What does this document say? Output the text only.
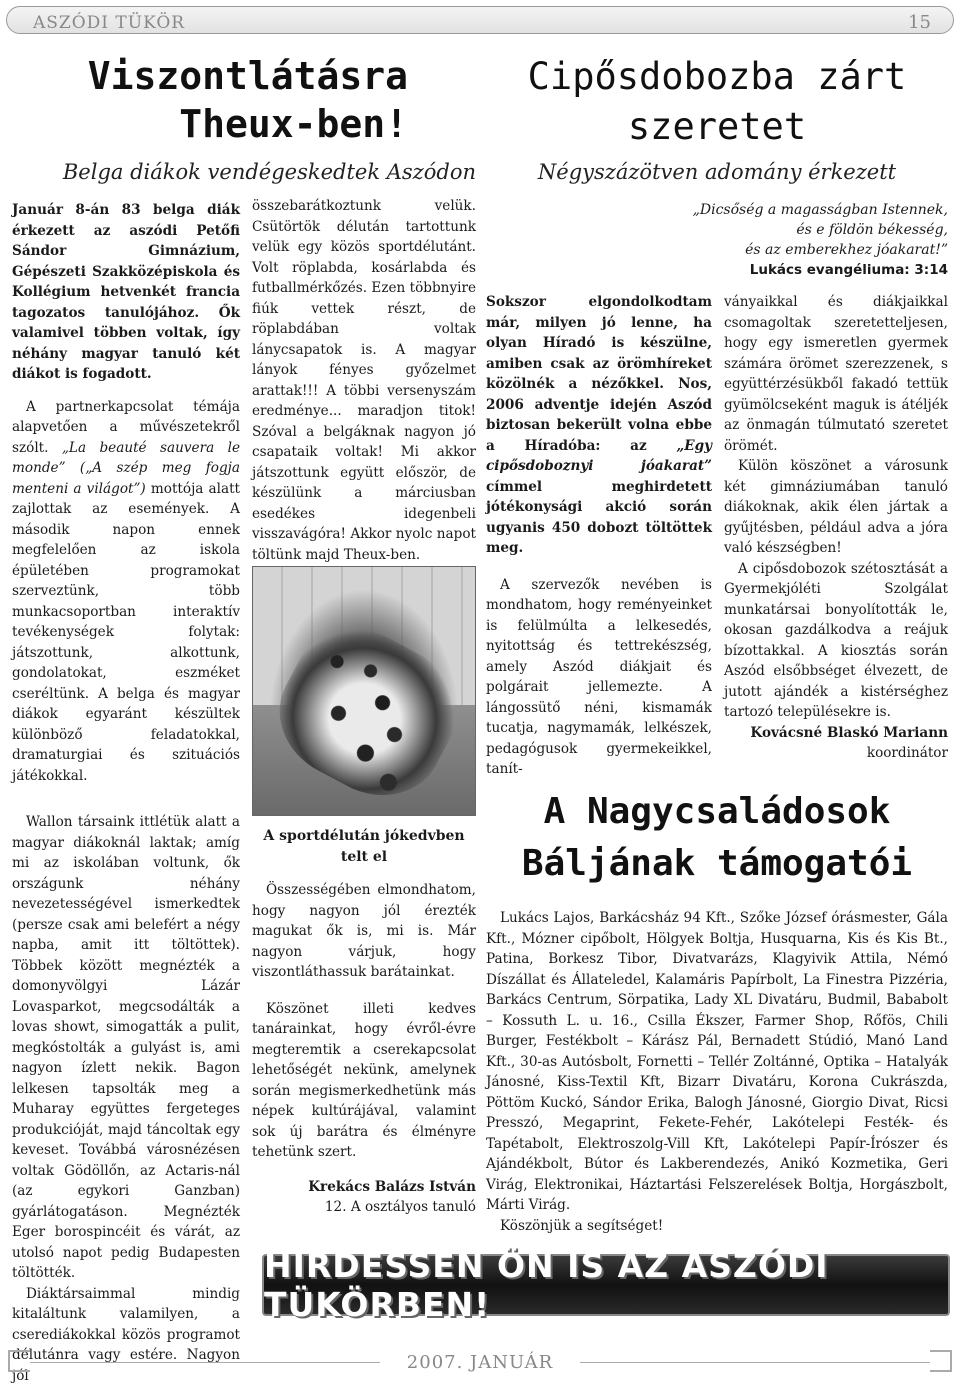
ASZÓDI TÜKÖR	15
Viszontlátásra
Theux-ben!
Belga diákok vendégeskedtek Aszódon

Január 8-án 83 belga diák érkezett az aszódi Petőfi Sándor Gimnázium, Gépészeti Szakközépiskola és Kollégium hetvenkét francia tagozatos tanulójához. Ők valamivel többen voltak, így néhány magyar tanuló két diákot is fogadott.

A partnerkapcsolat témája alapvetően a művészetekről szólt. „La beauté sauvera le monde” („A szép meg fogja menteni a világot”) mottója alatt zajlottak az események. A második napon ennek megfelelően az iskola épületében programokat szerveztünk, több munkacsoportban interaktív tevékenységek folytak: játszottunk, alkottunk, gondolatokat, eszméket cseréltünk. A belga és magyar diákok egyaránt készültek különböző feladatokkal, dramaturgiai és szituációs játékokkal.

Wallon társaink ittlétük alatt a magyar diákoknál laktak; amíg mi az iskolában voltunk, ők országunk néhány nevezetességével ismerkedtek (persze csak ami belefért a négy napba, amit itt töltöttek). Többek között megnézték a domonyvölgyi Lázár Lovasparkot, megcsodálták a lovas showt, simogatták a pulit, megkóstolták a gulyást is, ami nagyon ízlett nekik. Bagon lelkesen tapsolták meg a Muharay együttes fergeteges produkcióját, majd táncoltak egy keveset. Továbbá városnézésen voltak Gödöllőn, az Actaris-nál (az egykori Ganzban) gyárlátogatáson. Megnézték Eger borospincéit és várát, az utolsó napot pedig Budapesten töltötték.

Diáktársaimmal mindig kitaláltunk valamilyen, a cserediákokkal közös programot délutánra vagy estére. Nagyon jól

összebarátkoztunk velük. Csütörtök délután tartottunk velük egy közös sportdélutánt. Volt röplabda, kosárlabda és futballmérkőzés. Ezen többnyire fiúk vettek részt, de röplabdában voltak lánycsapatok is. A magyar lányok fényes győzelmet arattak!!! A többi versenyszám eredménye... maradjon titok! Szóval a belgáknak nagyon jó csapataik voltak! Mi akkor játszottunk együtt először, de készülünk a márciusban esedékes idegenbeli visszavágóra! Akkor nyolc napot töltünk majd Theux-ben.

A sportdélután jókedvben telt el

Összességében elmondhatom, hogy nagyon jól érezték magukat ők is, mi is. Már nagyon várjuk, hogy viszontláthassuk barátainkat.

Köszönet illeti kedves tanárainkat, hogy évről-évre megteremtik a cserekapcsolat lehetőségét nekünk, amelynek során megismerkedhetünk más népek kultúrájával, valamint sok új barátra és élményre tehetünk szert.

Krekács Balázs István

12. A osztályos tanuló

Cipősdobozba zárt
szeretet
Négyszázötven adomány érkezett
„Dicsőség a magasságban Istennek,
és e földön békesség,
és az emberekhez jóakarat!”
Lukács evangéliuma: 3:14

Sokszor elgondolkodtam már, milyen jó lenne, ha olyan Híradó is készülne, amiben csak az örömhíreket közölnék a nézőkkel. Nos, 2006 adventje idején Aszód biztosan bekerült volna ebbe a Híradóba: az „Egy cipősdoboznyi jóakarat” címmel meghirdetett jótékonysági akció során ugyanis 450 dobozt töltöttek meg.

A szervezők nevében is mondhatom, hogy reményeinket is felülmúlta a lelkesedés, nyitottság és tettrekészség, amely Aszód diákjait és polgárait jellemezte. A lángossütő néni, kismamák tucatja, nagymamák, lelkészek, pedagógusok gyermekeikkel, tanít-

ványaikkal és diákjaikkal csomagoltak szeretetteljesen, hogy egy ismeretlen gyermek számára örömet szerezzenek, s együttérzésükből fakadó tettük gyümölcseként maguk is átéljék az önmagán túlmutató szeretet örömét.

Külön köszönet a városunk két gimnáziumában tanuló diákoknak, akik élen jártak a gyűjtésben, például adva a jóra való készségben!

A cipősdobozok szétosztását a Gyermekjóléti Szolgálat munkatársai bonyolították le, okosan gazdálkodva a reájuk bízottakkal. A kiosztás során Aszód elsőbbséget élvezett, de jutott ajándék a kistérséghez tartozó településekre is.

Kovácsné Blaskó Mariann

koordinátor

A Nagycsaládosok
Báljának támogatói

Lukács Lajos, Barkácsház 94 Kft., Szőke József órásmester, Gála Kft., Mózner cipőbolt, Hölgyek Boltja, Husquarna, Kis és Kis Bt., Patina, Borkesz Tibor, Divatvarázs, Klagyivik Attila, Némó Díszállat és Állateledel, Kalamáris Papírbolt, La Finestra Pizzéria, Barkács Centrum, Sörpatika, Lady XL Divatáru, Budmil, Bababolt – Kossuth L. u. 16., Csilla Ékszer, Farmer Shop, Rőfös, Chili Burger, Festékbolt – Kárász Pál, Bernadett Stúdió, Manó Land Kft., 30-as Autósbolt, Fornetti – Tellér Zoltánné, Optika – Hatalyák Jánosné, Kiss-Textil Kft, Bizarr Divatáru, Korona Cukrászda, Pöttöm Kuckó, Sándor Erika, Balogh Jánosné, Giorgio Divat, Ricsi Presszó, Megaprint, Fekete-Fehér, Lakótelepi Festék- és Tapétabolt, Elektroszolg-Vill Kft, Lakótelepi Papír-Írószer és Ajándékbolt, Bútor és Lakberendezés, Anikó Kozmetika, Geri Virág, Elektronikai, Háztartási Felszerelések Boltja, Horgászbolt, Márti Virág.

Köszönjük a segítséget!

HIRDESSEN ÖN IS AZ ASZÓDI TÜKÖRBEN!
2007. JANUÁR
